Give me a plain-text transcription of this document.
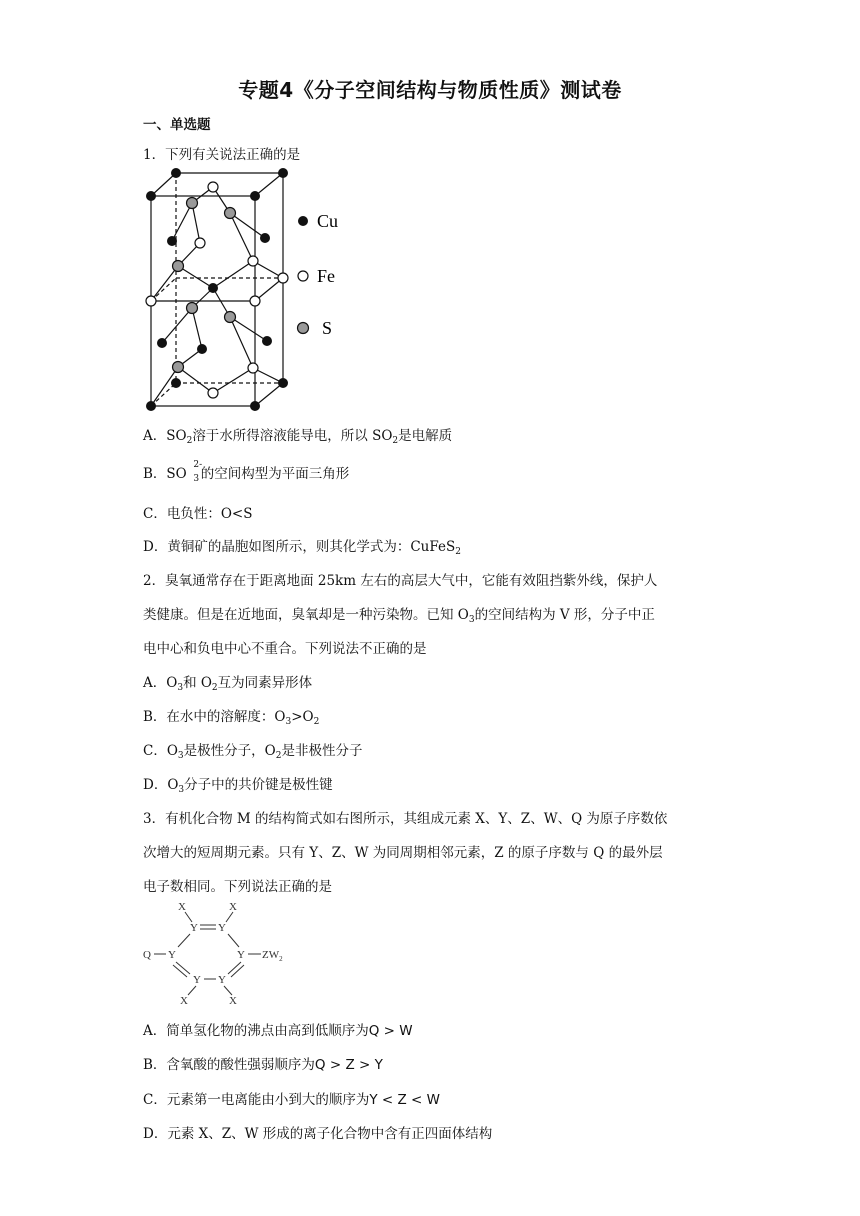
专题4《分子空间结构与物质性质》测试卷
一、单选题
1．下列有关说法正确的是
Cu
Fe
S
A．$SO_2$溶于水所得溶液能导电，所以 $SO_2$是电解质
B．SO
2-
3 的空间构型为平面三角形
C．电负性：O<S
D．黄铜矿的晶胞如图所示，则其化学式为：CuFeS$_2$
2．臭氧通常存在于距离地面 25km 左右的高层大气中，它能有效阻挡紫外线，保护人
类健康。但是在近地面，臭氧却是一种污染物。已知 $O_3$的空间结构为 V 形，分子中正
电中心和负电中心不重合。下列说法不正确的是
A．$O_3$和 $O_2$互为同素异形体
B．在水中的溶解度：$O_3>O_2$
C．$O_3$是极性分子，$O_2$是非极性分子
D．$O_3$分子中的共价键是极性键
3．有机化合物 M 的结构简式如右图所示，其组成元素 X、Y、Z、W、Q 为原子序数依
次增大的短周期元素。只有 Y、Z、W 为同周期相邻元素，Z 的原子序数与 Q 的最外层
电子数相同。下列说法正确的是
X	X
Y Y
Q Y	Y $ZW_2$
Y Y
X	X
A．简单氢化物的沸点由高到低顺序为Q > W
B．含氧酸的酸性强弱顺序为Q > Z > Y
C．元素第一电离能由小到大的顺序为Y < Z < W
D．元素 X、Z、W 形成的离子化合物中含有正四面体结构
